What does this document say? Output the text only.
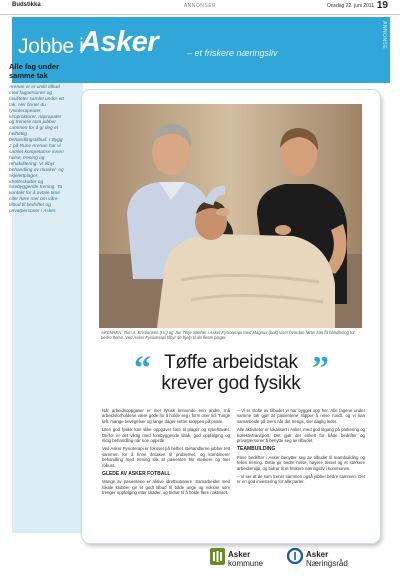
Budstikka	ANNONSER	Onsdag 22. juni 2011 19
Jobbe i
Asker	– et friskere næringsliv
ANNONSE
Alle fag under samme tak
Arenan er et unikt tilbud med fagpersoner og fasiliteter samlet under ett tak. Her finner du fysioterapeuter, kiropraktorer, naprapater og trenere som jobber sammen for å gi deg et helhetlig behandlingstilbud. I Bygg 2 på Ruse Arenan har vi samlet kompetanse innen helse, trening og rehabilitering. Vi tilbyr behandling av muskel- og skjelettplager, idrettsskader og forebyggende trening. Ta kontakt for å avtale time eller høre mer om våre tilbud til bedrifter og privatpersoner i Asker.
ARENAEN: Tom A. Kristiansen (t.v.) og Jon Terje Sæther i Asker Fysioterapi med Magnus (bak) viser hvordan føtter kan få håndtering for bedre helse. Ved Asker Fysioterapi tilbyr de hjelp til de fleste plager.
“	”
Tøffe arbeidstak
krever god fysikk

Når arbeidsoppgaver er mer fysisk krevende enn andre, må arbeidsforholdene være gode for å holde seg i form over tid. Tunge løft, mange bevegelser og lange dager setter kroppen på prøve.

Uten god fysikk kan slike oppgaver føre til plager og sykefravær. Derfor er det viktig med forebyggende tiltak, god oppfølging og riktig behandling når noe oppstår.

Ved Asker Fysioterapi er fokuset på helhet. Behandlerne jobber tett sammen for å finne årsaken til problemet, og kombinerer behandling med trening slik at pasienten blir sterkere og mer robust.

GLEDE AV ASKER FOTBALL

Mange av pasientene er aktive idrettsutøvere. Samarbeidet med lokale klubber gir et godt tilbud til både unge og voksne som trenger oppfølging etter skader, og bidrar til å holde flere i aktivitet.

– Vi er stolte av tilbudet vi har bygget opp her. Alle fagene under samme tak gjør at pasientene slipper å reise rundt, og vi kan samarbeide på tvers når det trengs, sier daglig leder.

Alle aktiviteter er lokalisert i Asker, med god tilgang på parkering og kollektivtransport. Det gjør det enkelt for både bedrifter og privatpersoner å benytte seg av tilbudet.

TEAMBUILDING

Flere bedrifter i Asker benytter seg av tilbudet til teambuilding og felles trening. Dette gir bedre helse, høyere trivsel og et sterkere arbeidsmiljø, og bidrar til et friskere næringsliv i kommunen.

– Vi ser at de som trener sammen også jobber bedre sammen. Det er en god investering for alle parter.

Asker
kommune
Asker
Næringsråd
